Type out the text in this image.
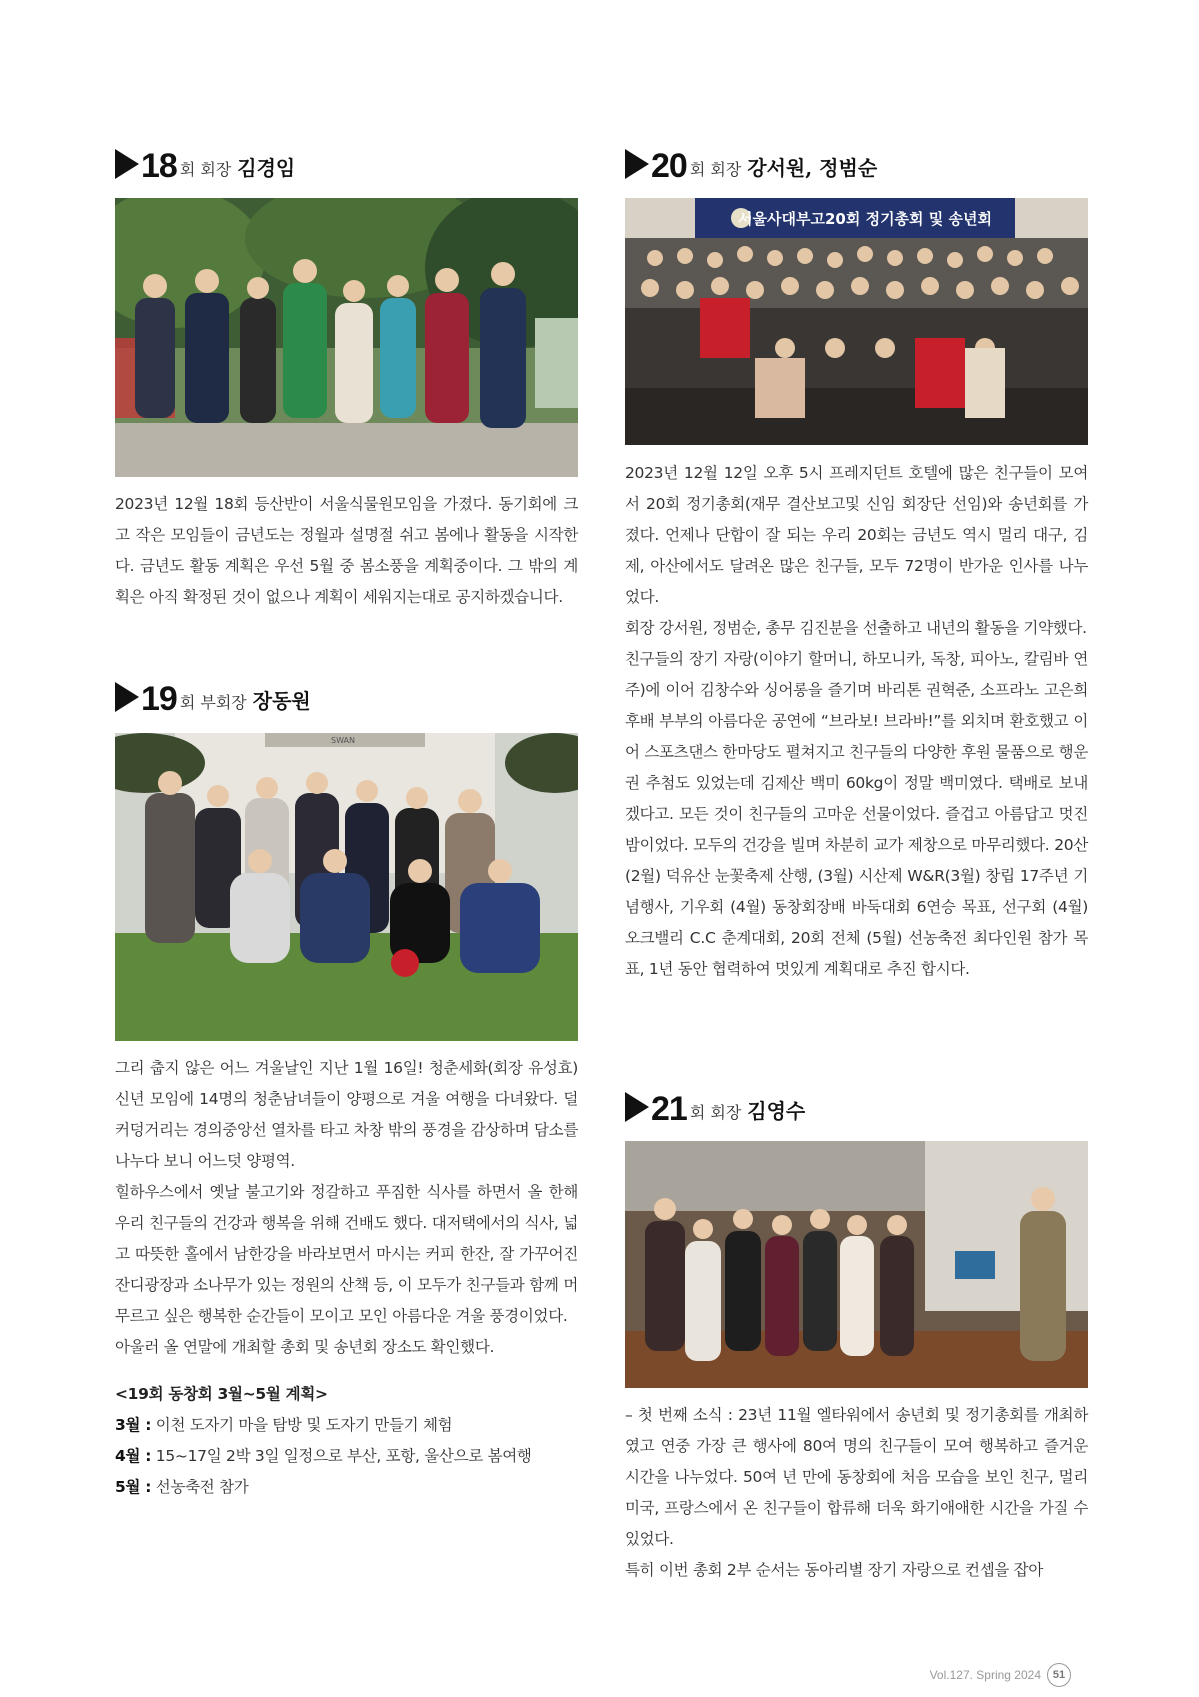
18 회 회장 김경임

2023년 12월 18회 등산반이 서울식물원모임을 가졌다. 동기회에 크고 작은 모임들이 금년도는 정월과 설명절 쉬고 봄에나 활동을 시작한다. 금년도 활동 계획은 우선 5월 중 봄소풍을 계획중이다. 그 밖의 계획은 아직 확정된 것이 없으나 계획이 세워지는대로 공지하겠습니다.

19 회 부회장 장동원
SWAN

그리 춥지 않은 어느 겨울날인 지난 1월 16일! 청춘세화(회장 유성효) 신년 모임에 14명의 청춘남녀들이 양평으로 겨울 여행을 다녀왔다. 덜커덩거리는 경의중앙선 열차를 타고 차창 밖의 풍경을 감상하며 담소를 나누다 보니 어느덧 양평역.

힐하우스에서 옛날 불고기와 정갈하고 푸짐한 식사를 하면서 올 한해 우리 친구들의 건강과 행복을 위해 건배도 했다. 대저택에서의 식사, 넓고 따뜻한 홀에서 남한강을 바라보면서 마시는 커피 한잔, 잘 가꾸어진 잔디광장과 소나무가 있는 정원의 산책 등, 이 모두가 친구들과 함께 머무르고 싶은 행복한 순간들이 모이고 모인 아름다운 겨울 풍경이었다.

아울러 올 연말에 개최할 총회 및 송년회 장소도 확인했다.

<19회 동창회 3월~5월 계획>

3월 : 이천 도자기 마을 탐방 및 도자기 만들기 체험

4월 : 15~17일 2박 3일 일정으로 부산, 포항, 울산으로 봄여행

5월 : 선농축전 참가

20 회 회장 강서원, 정범순
서울사대부고20회 정기총회 및 송년회

2023년 12월 12일 오후 5시 프레지던트 호텔에 많은 친구들이 모여서 20회 정기총회(재무 결산보고및 신임 회장단 선임)와 송년회를 가졌다. 언제나 단합이 잘 되는 우리 20회는 금년도 역시 멀리 대구, 김제, 아산에서도 달려온 많은 친구들, 모두 72명이 반가운 인사를 나누었다.

회장 강서원, 정범순, 총무 김진분을 선출하고 내년의 활동을 기약했다.

친구들의 장기 자랑(이야기 할머니, 하모니카, 독창, 피아노, 칼림바 연주)에 이어 김창수와 싱어롱을 즐기며 바리톤 권혁준, 소프라노 고은희 후배 부부의 아름다운 공연에 “브라보! 브라바!”를 외치며 환호했고 이어 스포츠댄스 한마당도 펼쳐지고 친구들의 다양한 후원 물품으로 행운권 추첨도 있었는데 김제산 백미 60kg이 정말 백미였다. 택배로 보내겠다고. 모든 것이 친구들의 고마운 선물이었다. 즐겁고 아름답고 멋진 밤이었다. 모두의 건강을 빌며 차분히 교가 제창으로 마무리했다. 20산 (2월) 덕유산 눈꽃축제 산행, (3월) 시산제 W&R(3월) 창립 17주년 기념행사, 기우회 (4월) 동창회장배 바둑대회 6연승 목표, 선구회 (4월) 오크밸리 C.C 춘계대회, 20회 전체 (5월) 선농축전 최다인원 참가 목표, 1년 동안 협력하여 멋있게 계획대로 추진 합시다.

21 회 회장 김영수

– 첫 번째 소식 : 23년 11월 엘타워에서 송년회 및 정기총회를 개최하였고 연중 가장 큰 행사에 80여 명의 친구들이 모여 행복하고 즐거운 시간을 나누었다. 50여 년 만에 동창회에 처음 모습을 보인 친구, 멀리 미국, 프랑스에서 온 친구들이 합류해 더욱 화기애애한 시간을 가질 수 있었다.

특히 이번 총회 2부 순서는 동아리별 장기 자랑으로 컨셉을 잡아

Vol.127. Spring 2024	51
